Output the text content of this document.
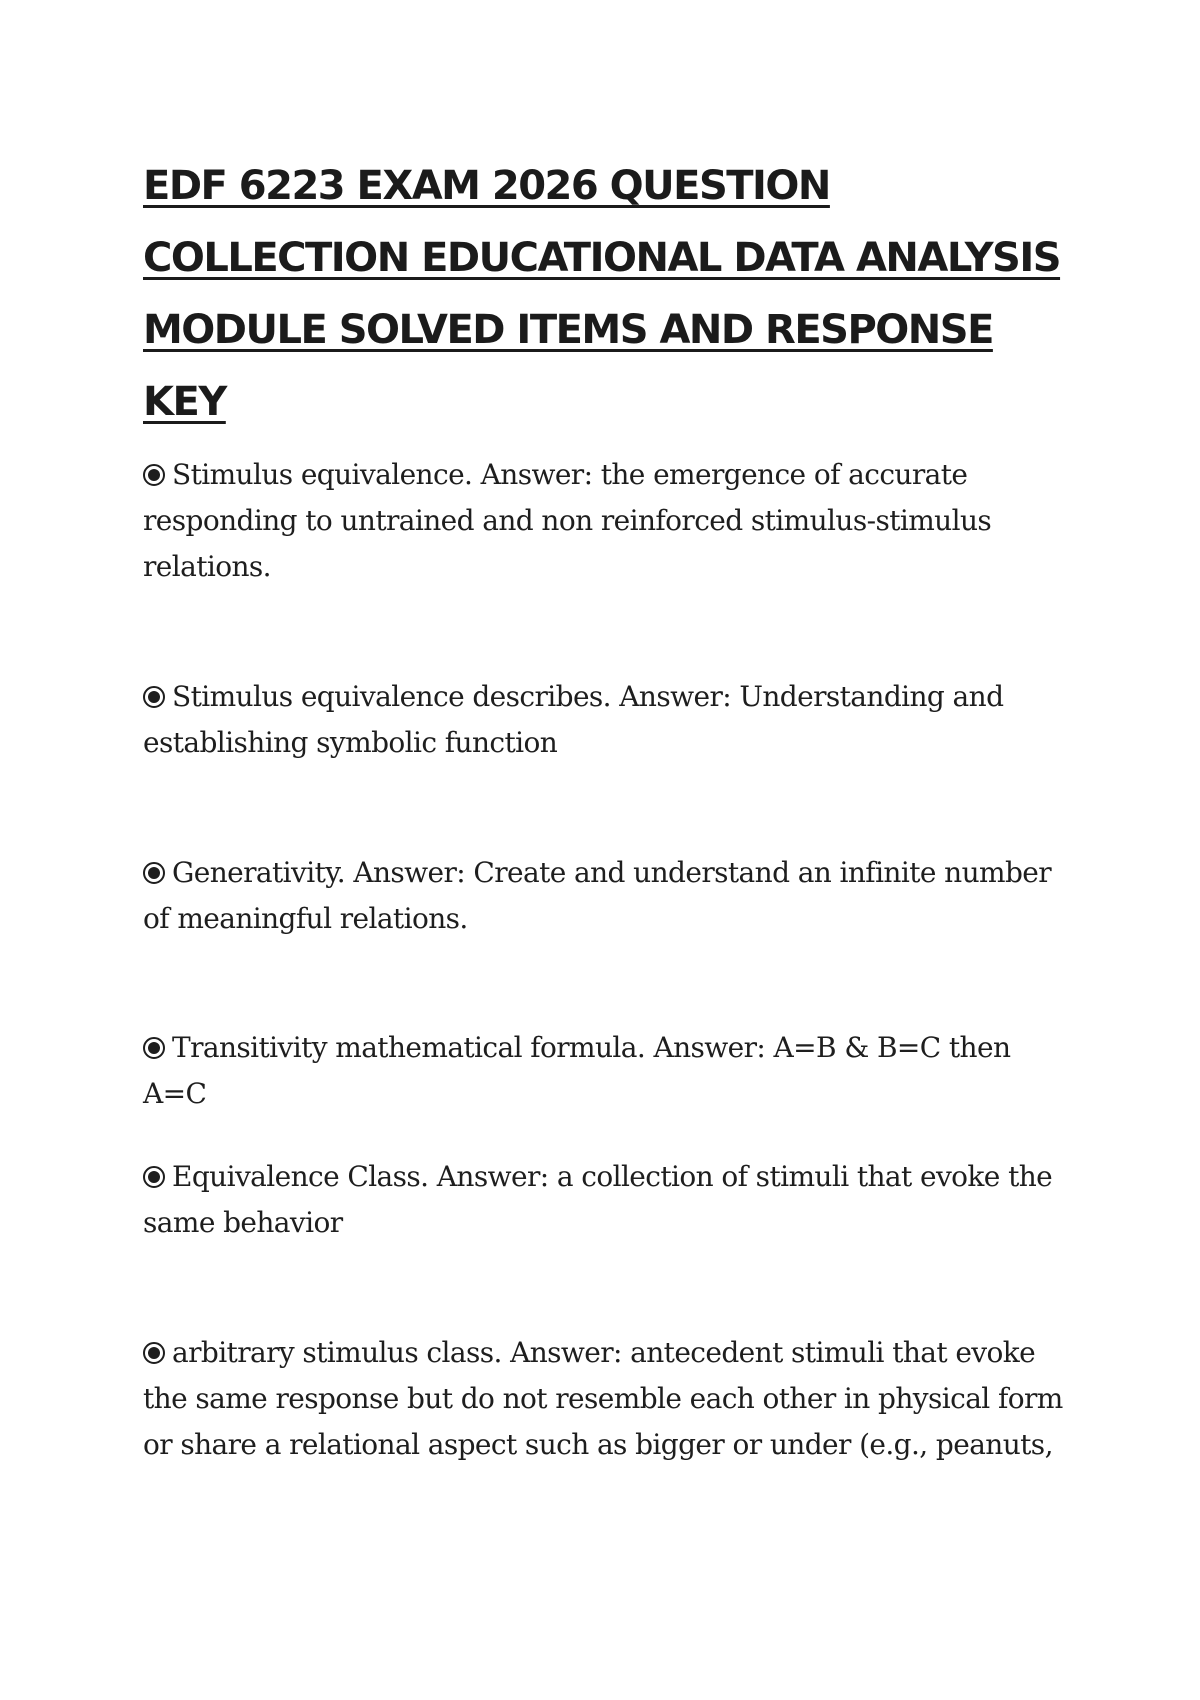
EDF 6223 EXAM 2026 QUESTION COLLECTION EDUCATIONAL DATA ANALYSIS MODULE SOLVED ITEMS AND RESPONSE KEY

Stimulus equivalence. Answer: the emergence of accurate responding to untrained and non reinforced stimulus-stimulus relations.

Stimulus equivalence describes. Answer: Understanding and establishing symbolic function

Generativity. Answer: Create and understand an infinite number of meaningful relations.

Transitivity mathematical formula. Answer: A=B & B=C then A=C

Equivalence Class. Answer: a collection of stimuli that evoke the same behavior

arbitrary stimulus class. Answer: antecedent stimuli that evoke the same response but do not resemble each other in physical form or share a relational aspect such as bigger or under (e.g., peanuts,
